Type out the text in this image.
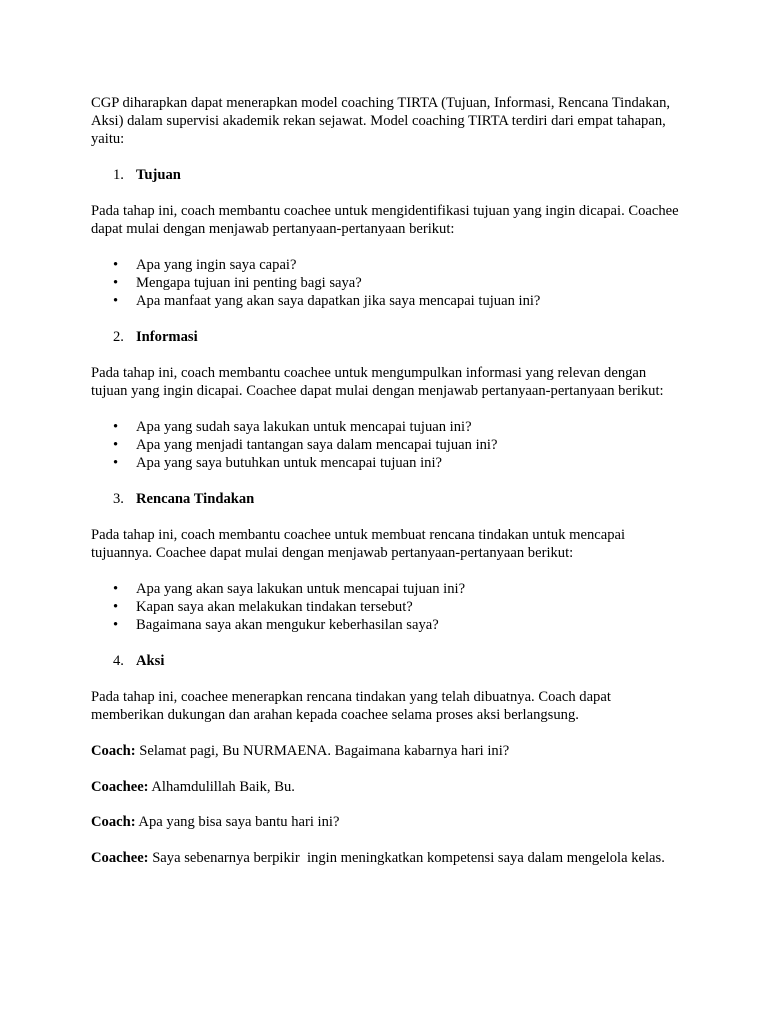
CGP diharapkan dapat menerapkan model coaching TIRTA (Tujuan, Informasi, Rencana Tindakan, Aksi) dalam supervisi akademik rekan sejawat. Model coaching TIRTA terdiri dari empat tahapan, yaitu:

1. Tujuan

Pada tahap ini, coach membantu coachee untuk mengidentifikasi tujuan yang ingin dicapai. Coachee dapat mulai dengan menjawab pertanyaan-pertanyaan berikut:

• Apa yang ingin saya capai?
• Mengapa tujuan ini penting bagi saya?
• Apa manfaat yang akan saya dapatkan jika saya mencapai tujuan ini?
2. Informasi

Pada tahap ini, coach membantu coachee untuk mengumpulkan informasi yang relevan dengan tujuan yang ingin dicapai. Coachee dapat mulai dengan menjawab pertanyaan-pertanyaan berikut:

• Apa yang sudah saya lakukan untuk mencapai tujuan ini?
• Apa yang menjadi tantangan saya dalam mencapai tujuan ini?
• Apa yang saya butuhkan untuk mencapai tujuan ini?
3. Rencana Tindakan

Pada tahap ini, coach membantu coachee untuk membuat rencana tindakan untuk mencapai tujuannya. Coachee dapat mulai dengan menjawab pertanyaan-pertanyaan berikut:

• Apa yang akan saya lakukan untuk mencapai tujuan ini?
• Kapan saya akan melakukan tindakan tersebut?
• Bagaimana saya akan mengukur keberhasilan saya?
4. Aksi

Pada tahap ini, coachee menerapkan rencana tindakan yang telah dibuatnya. Coach dapat memberikan dukungan dan arahan kepada coachee selama proses aksi berlangsung.

Coach: Selamat pagi, Bu NURMAENA. Bagaimana kabarnya hari ini?

Coachee: Alhamdulillah Baik, Bu.

Coach: Apa yang bisa saya bantu hari ini?

Coachee: Saya sebenarnya berpikir  ingin meningkatkan kompetensi saya dalam mengelola kelas.
